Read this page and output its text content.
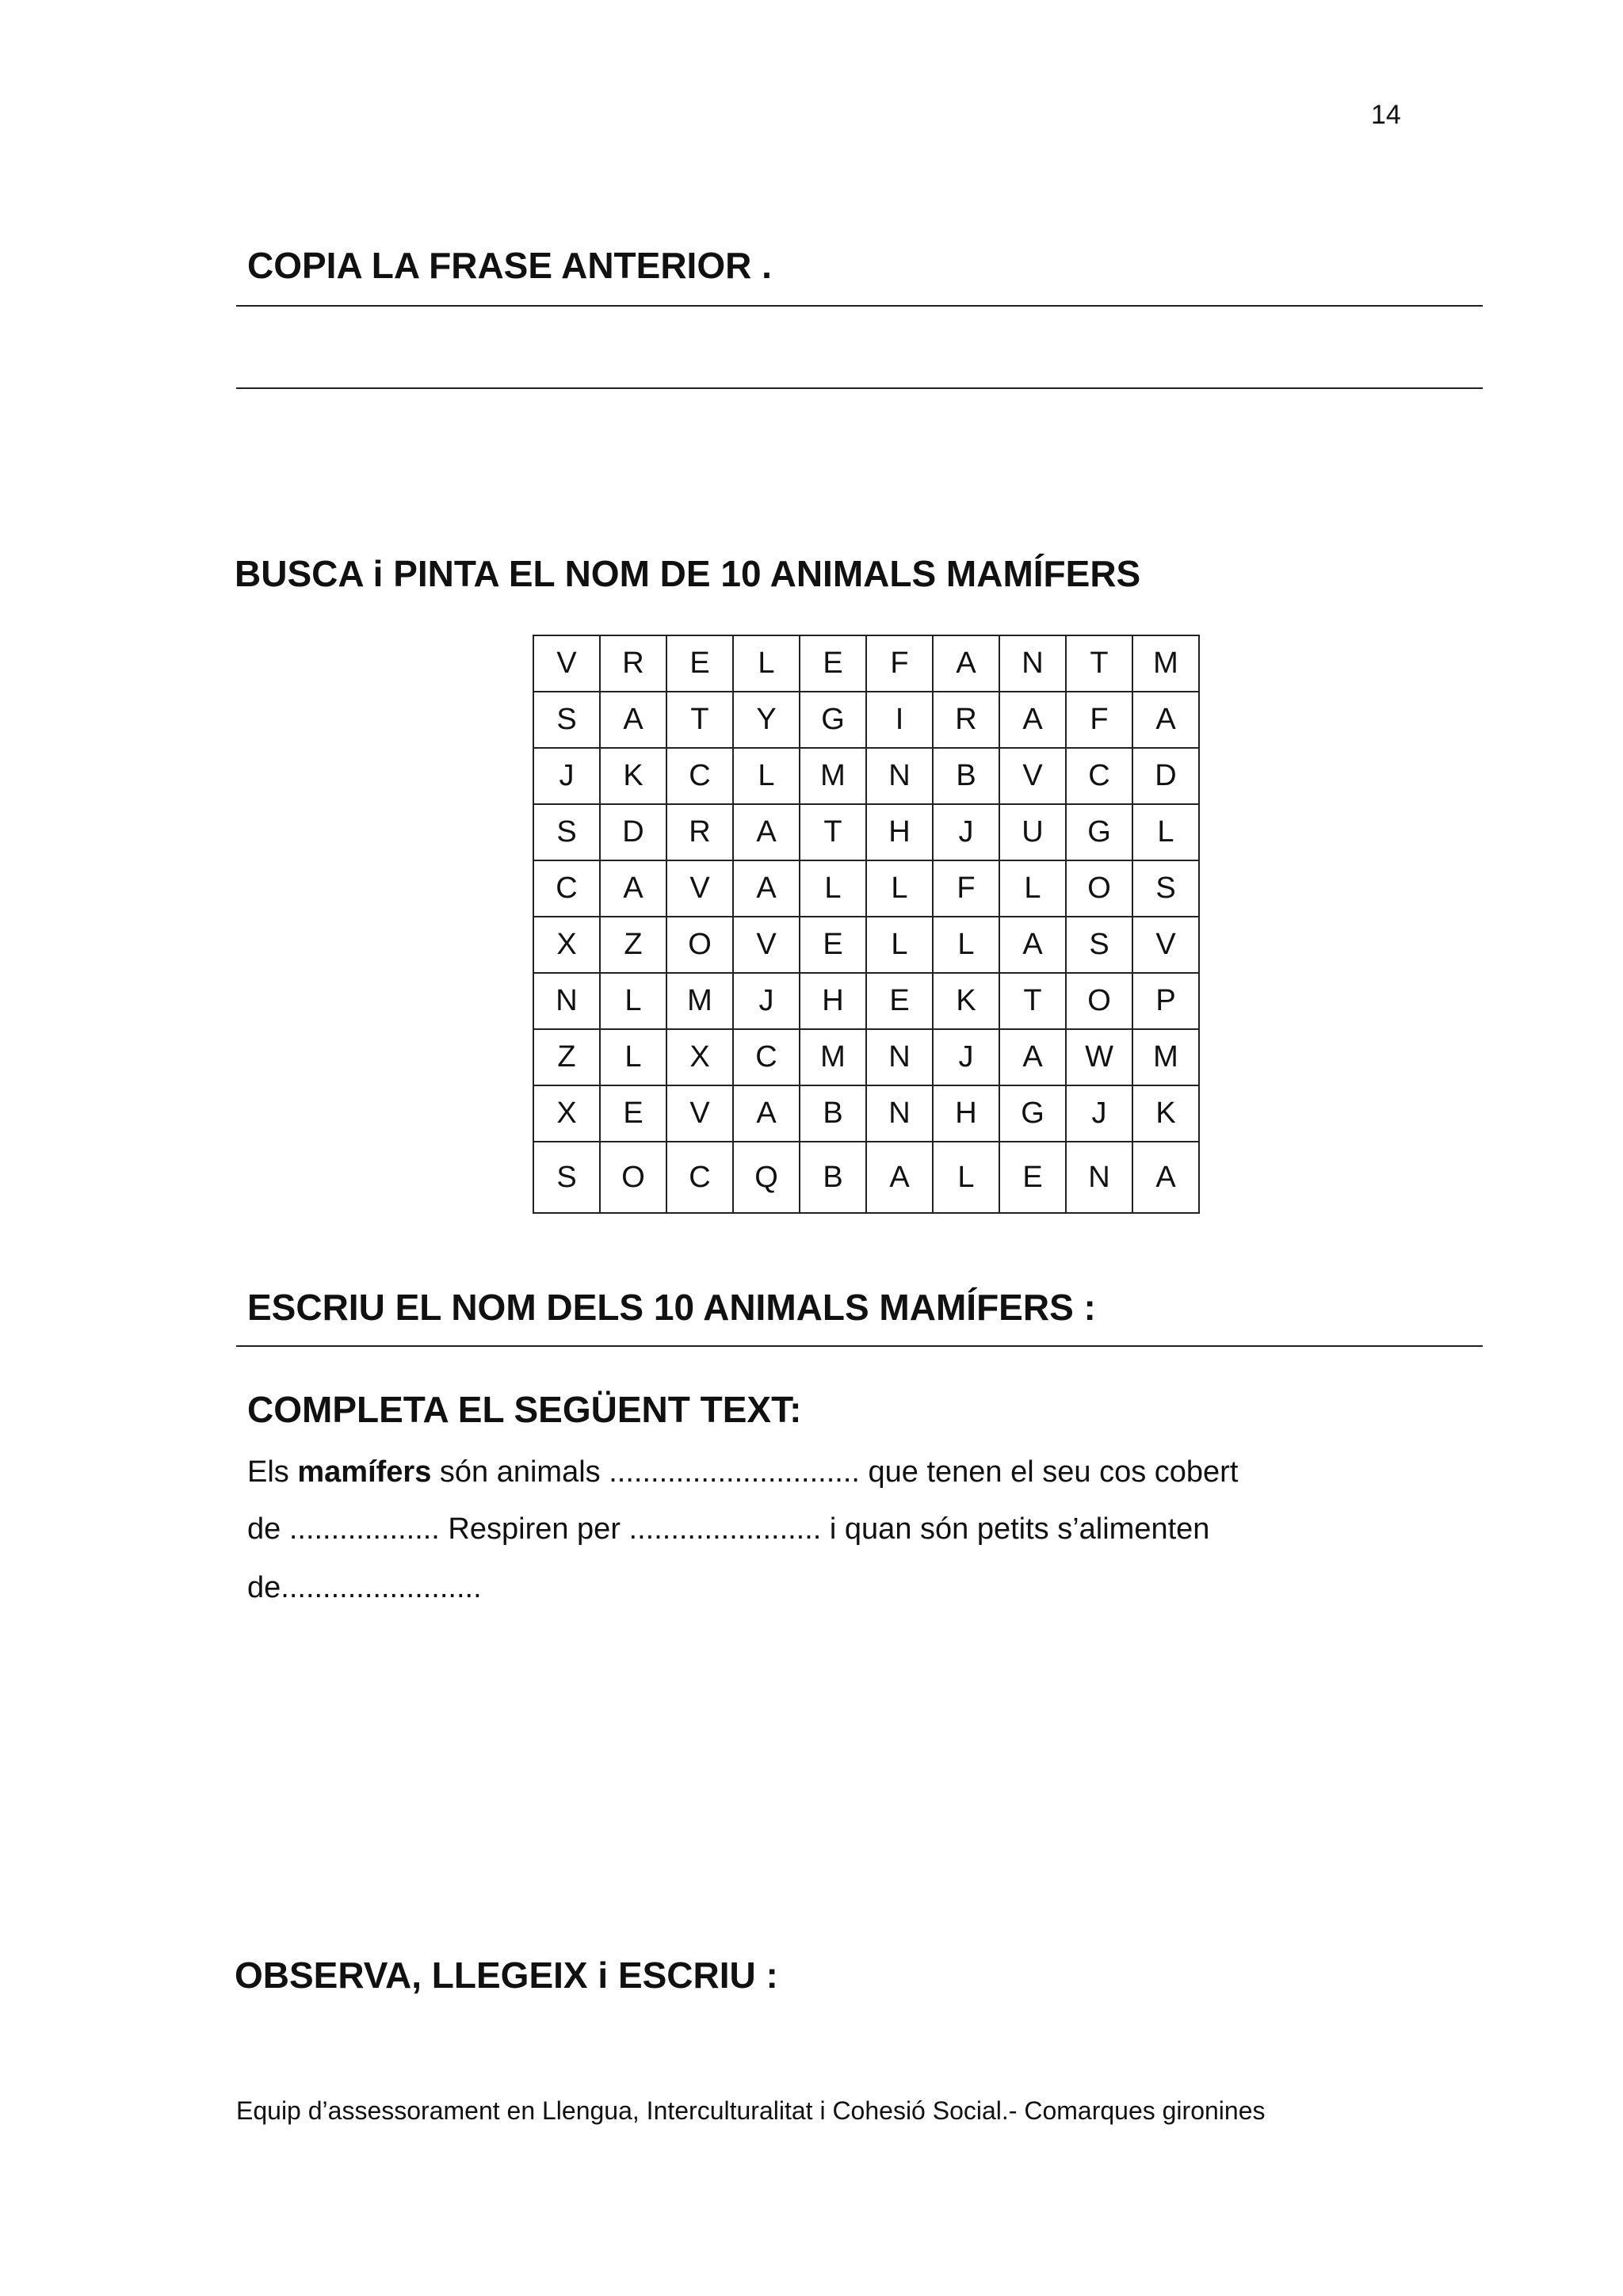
14
COPIA LA FRASE ANTERIOR .
BUSCA i PINTA EL NOM DE 10 ANIMALS MAMÍFERS
V	R	E	L	E	F	A	N	T	M
S	A	T	Y	G	I	R	A	F	A
J	K	C	L	M	N	B	V	C	D
S	D	R	A	T	H	J	U	G	L
C	A	V	A	L	L	F	L	O	S
X	Z	O	V	E	L	L	A	S	V
N	L	M	J	H	E	K	T	O	P
Z	L	X	C	M	N	J	A	W	M
X	E	V	A	B	N	H	G	J	K
S	O	C	Q	B	A	L	E	N	A
ESCRIU EL NOM DELS 10 ANIMALS MAMÍFERS :
COMPLETA EL SEGÜENT TEXT:
Els mamífers són animals .............................. que tenen el seu cos cobert
de .................. Respiren per ....................... i quan són petits s’alimenten
de........................
OBSERVA, LLEGEIX i ESCRIU :
Equip d’assessorament en Llengua, Interculturalitat i Cohesió Social.- Comarques gironines
